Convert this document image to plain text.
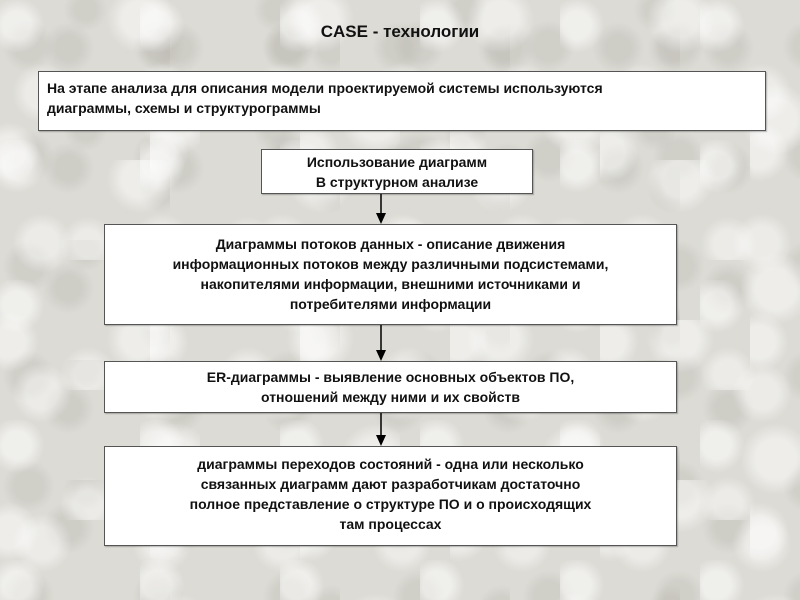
CASE - технологии
На этапе анализа для описания модели проектируемой системы используются
диаграммы, схемы и структурограммы
Использование диаграмм
В структурном анализе
Диаграммы потоков данных - описание движения
информационных потоков между различными подсистемами,
накопителями информации, внешними источниками и
потребителями информации
ER-диаграммы - выявление основных объектов ПО,
отношений между ними и их свойств
диаграммы переходов состояний - одна или несколько
связанных диаграмм дают разработчикам достаточно
полное представление о структуре ПО и о происходящих
там процессах
